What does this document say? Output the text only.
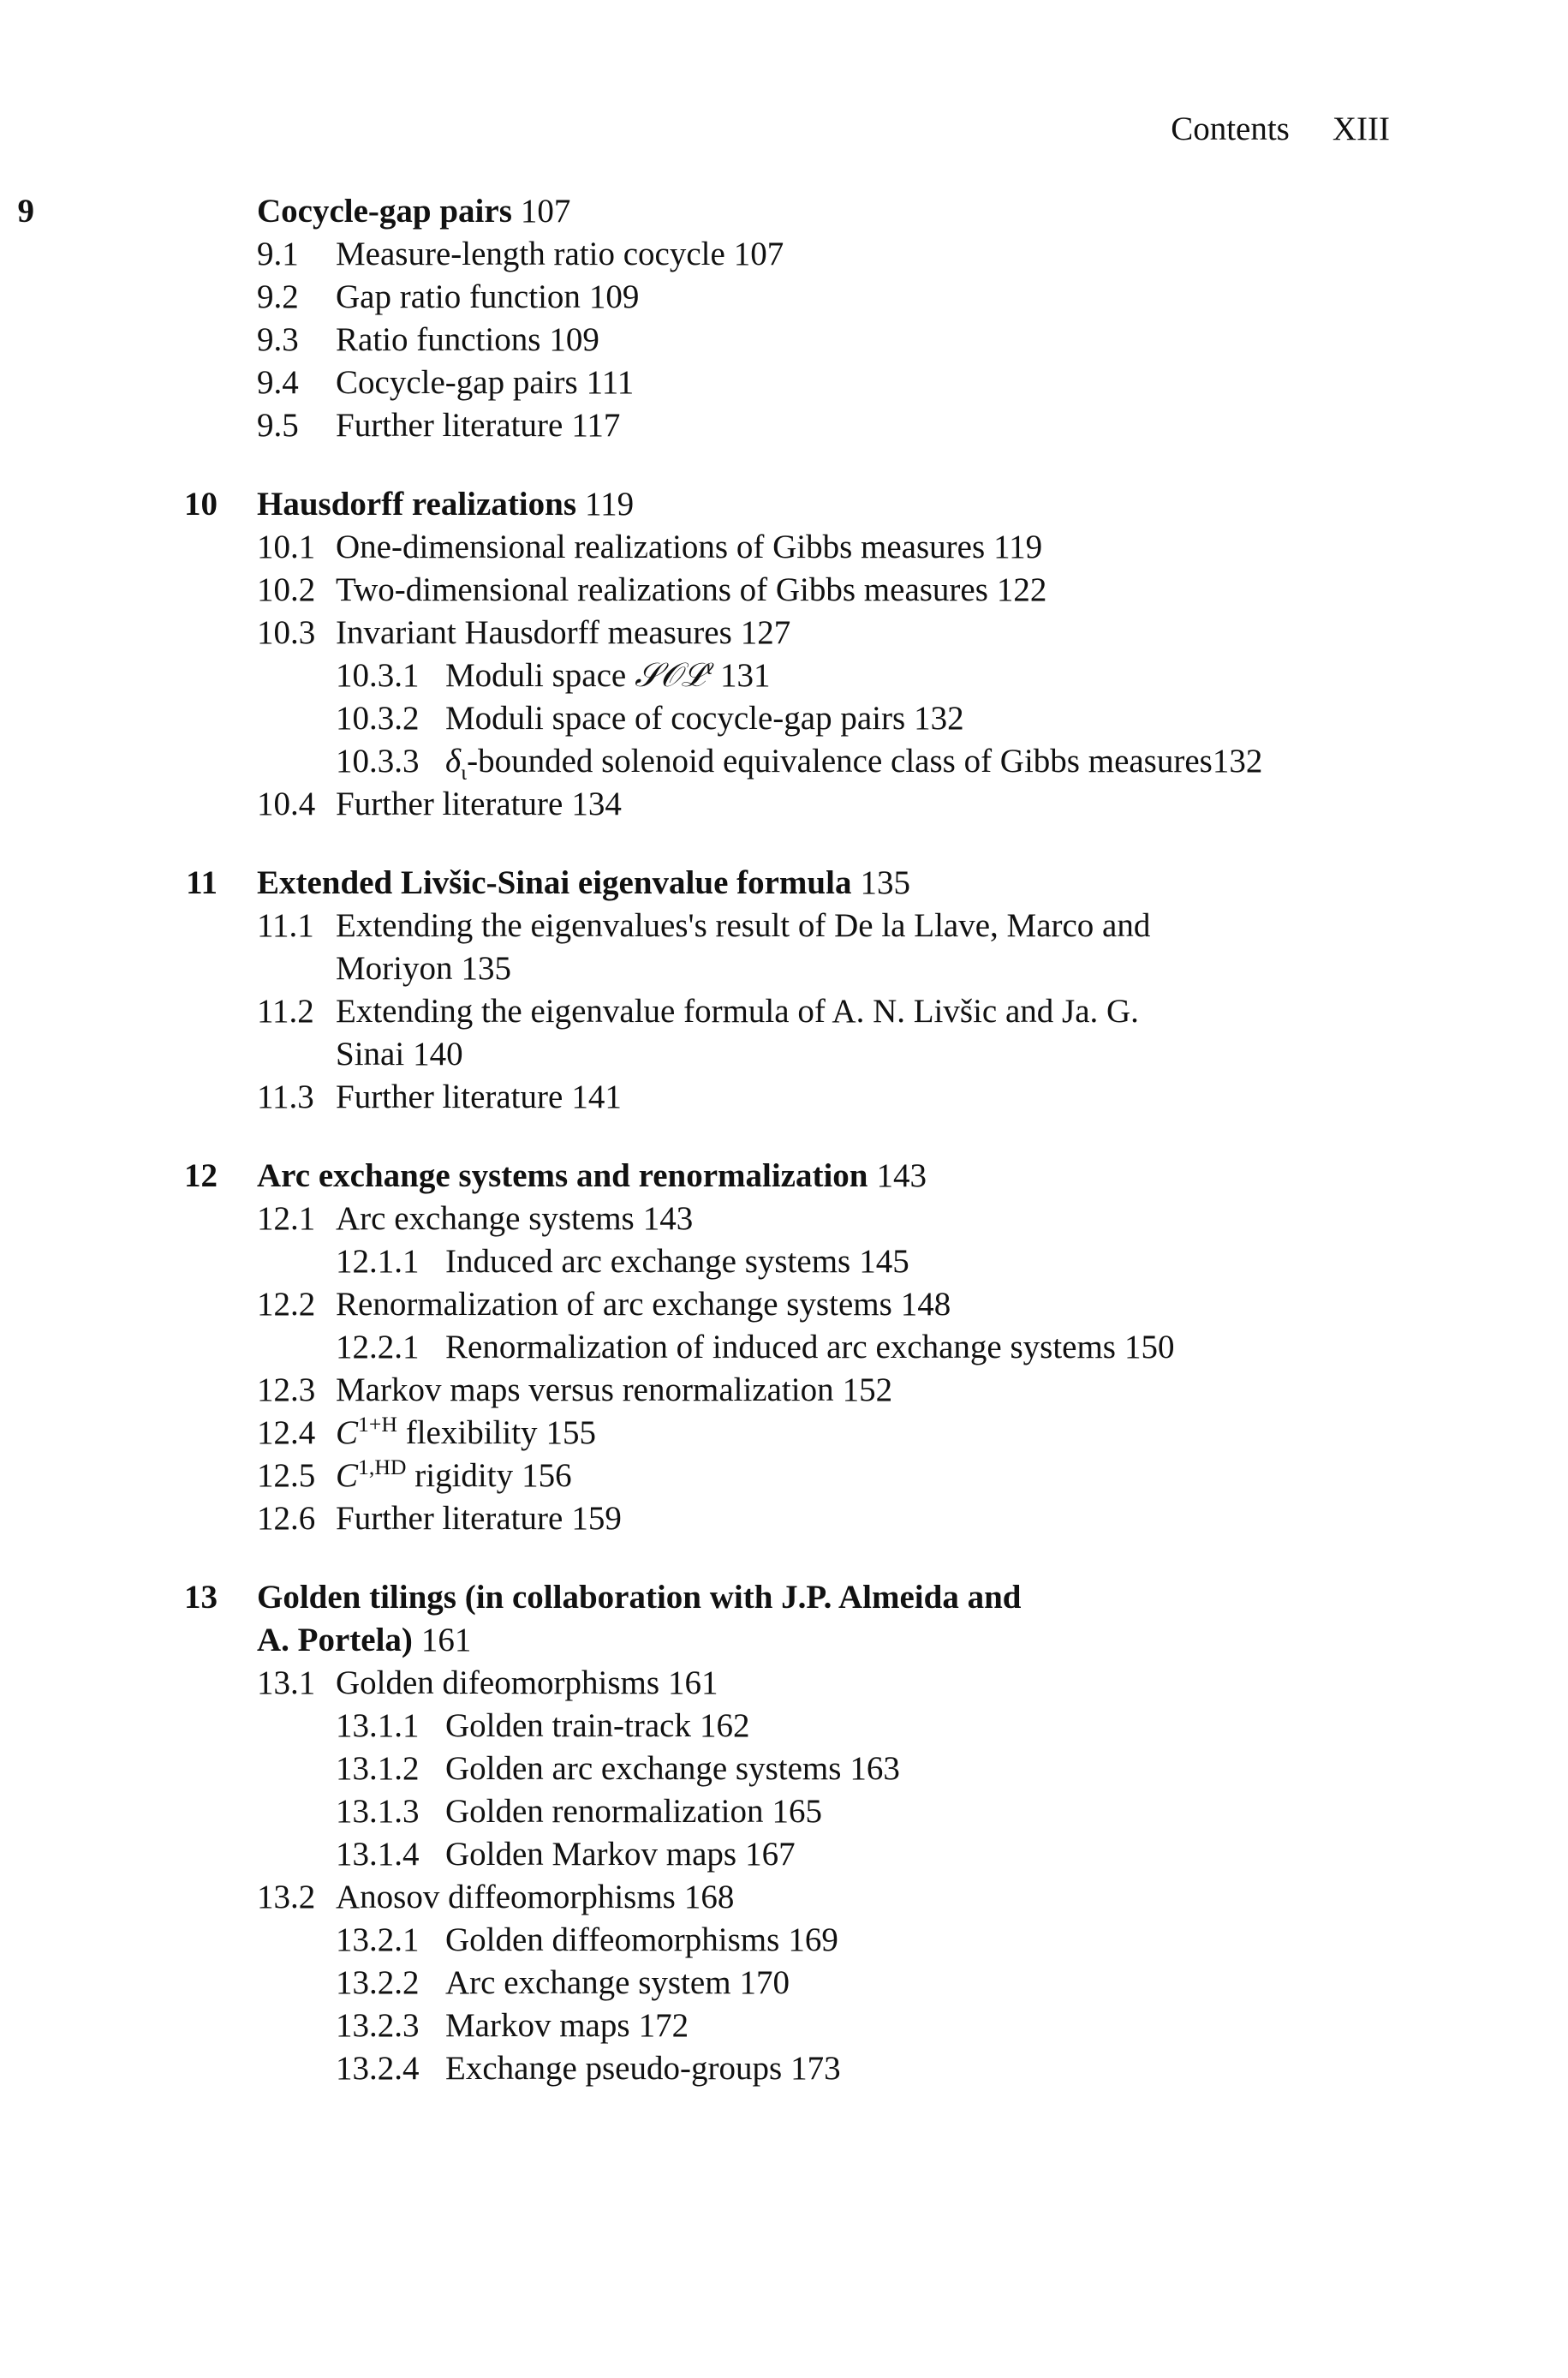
Contents XIII
9	Cocycle-gap pairs 107
9.1 Measure-length ratio cocycle 107
9.2 Gap ratio function 109
9.3 Ratio functions 109
9.4 Cocycle-gap pairs 111
9.5 Further literature 117
10 Hausdorff realizations 119
10.1 One-dimensional realizations of Gibbs measures 119
10.2 Two-dimensional realizations of Gibbs measures 122
10.3 Invariant Hausdorff measures 127
10.3.1 Moduli space 𝒮𝒪ℒ$^\iota$ 131
10.3.2 Moduli space of cocycle-gap pairs 132
10.3.3 $\delta_\iota$-bounded solenoid equivalence class of Gibbs measures 132
10.4 Further literature 134
11 Extended Livšic-Sinai eigenvalue formula 135
11.1 Extending the eigenvalues's result of De la Llave, Marco and
Moriyon 135
11.2 Extending the eigenvalue formula of A. N. Livšic and Ja. G.
Sinai 140
11.3 Further literature 141
12 Arc exchange systems and renormalization 143
12.1 Arc exchange systems 143
12.1.1 Induced arc exchange systems 145
12.2 Renormalization of arc exchange systems 148
12.2.1 Renormalization of induced arc exchange systems 150
12.3 Markov maps versus renormalization 152
12.4 $C^{1+H}$ flexibility 155
12.5 $C^{1,HD}$ rigidity 156
12.6 Further literature 159
13 Golden tilings (in collaboration with J.P. Almeida and
A. Portela) 161
13.1 Golden difeomorphisms 161
13.1.1 Golden train-track 162
13.1.2 Golden arc exchange systems 163
13.1.3 Golden renormalization 165
13.1.4 Golden Markov maps 167
13.2 Anosov diffeomorphisms 168
13.2.1 Golden diffeomorphisms 169
13.2.2 Arc exchange system 170
13.2.3 Markov maps 172
13.2.4 Exchange pseudo-groups 173
